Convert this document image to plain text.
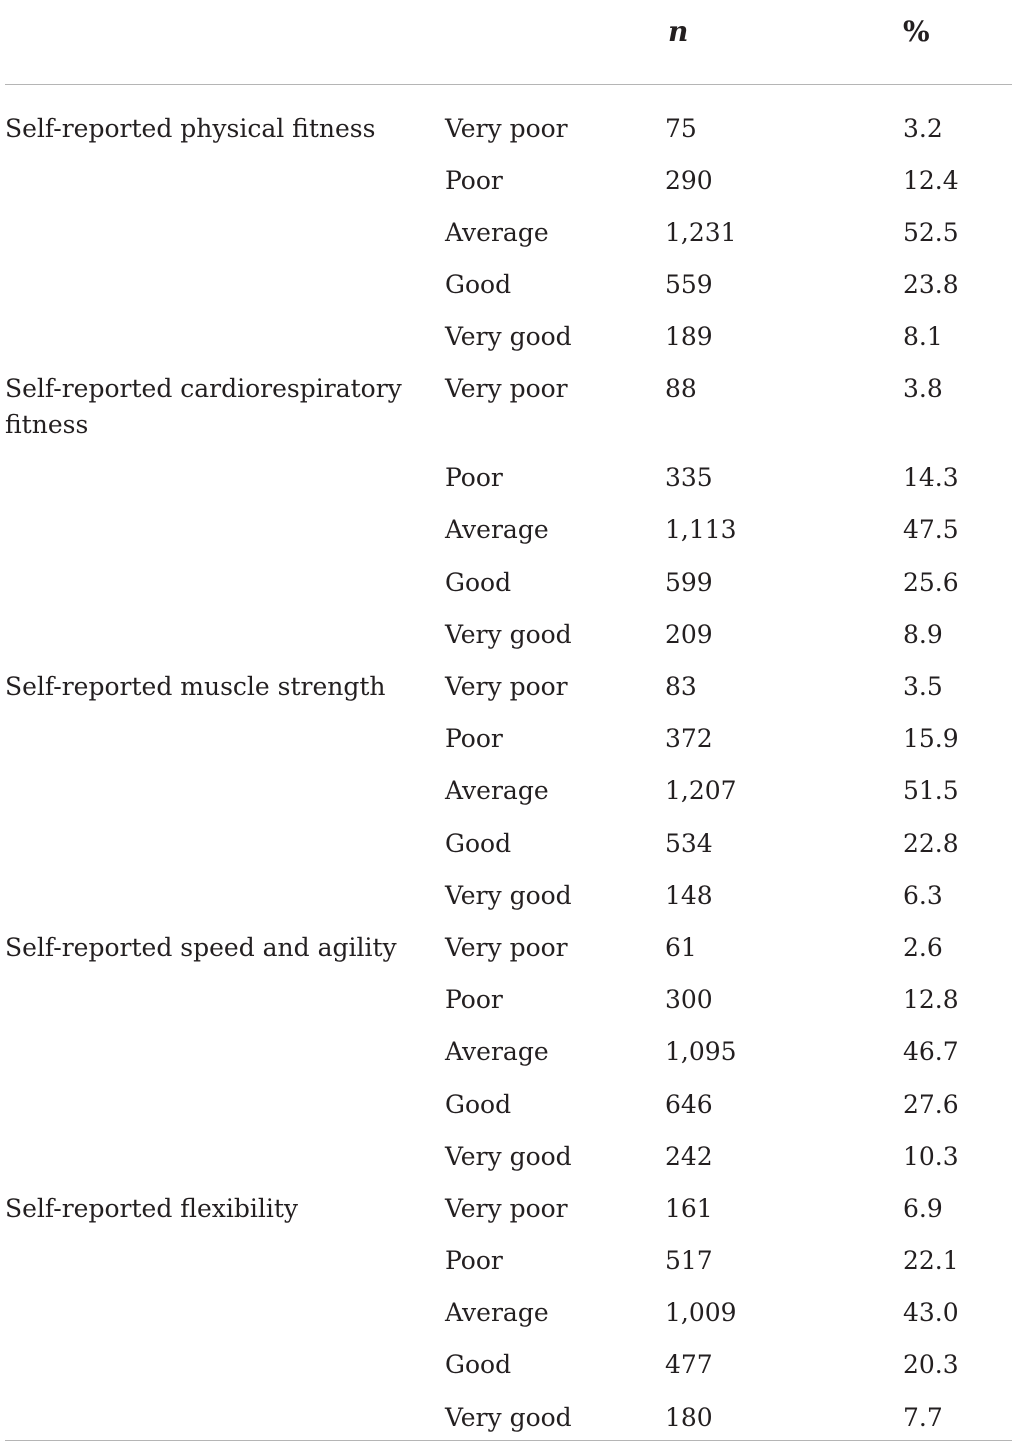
		n	%
Self-reported physical fitness	Very poor	75	3.2
	Poor	290	12.4
	Average	1,231	52.5
	Good	559	23.8
	Very good	189	8.1
Self-reported cardiorespiratory fitness	Very poor	88	3.8
	Poor	335	14.3
	Average	1,113	47.5
	Good	599	25.6
	Very good	209	8.9
Self-reported muscle strength	Very poor	83	3.5
	Poor	372	15.9
	Average	1,207	51.5
	Good	534	22.8
	Very good	148	6.3
Self-reported speed and agility	Very poor	61	2.6
	Poor	300	12.8
	Average	1,095	46.7
	Good	646	27.6
	Very good	242	10.3
Self-reported flexibility	Very poor	161	6.9
	Poor	517	22.1
	Average	1,009	43.0
	Good	477	20.3
	Very good	180	7.7
